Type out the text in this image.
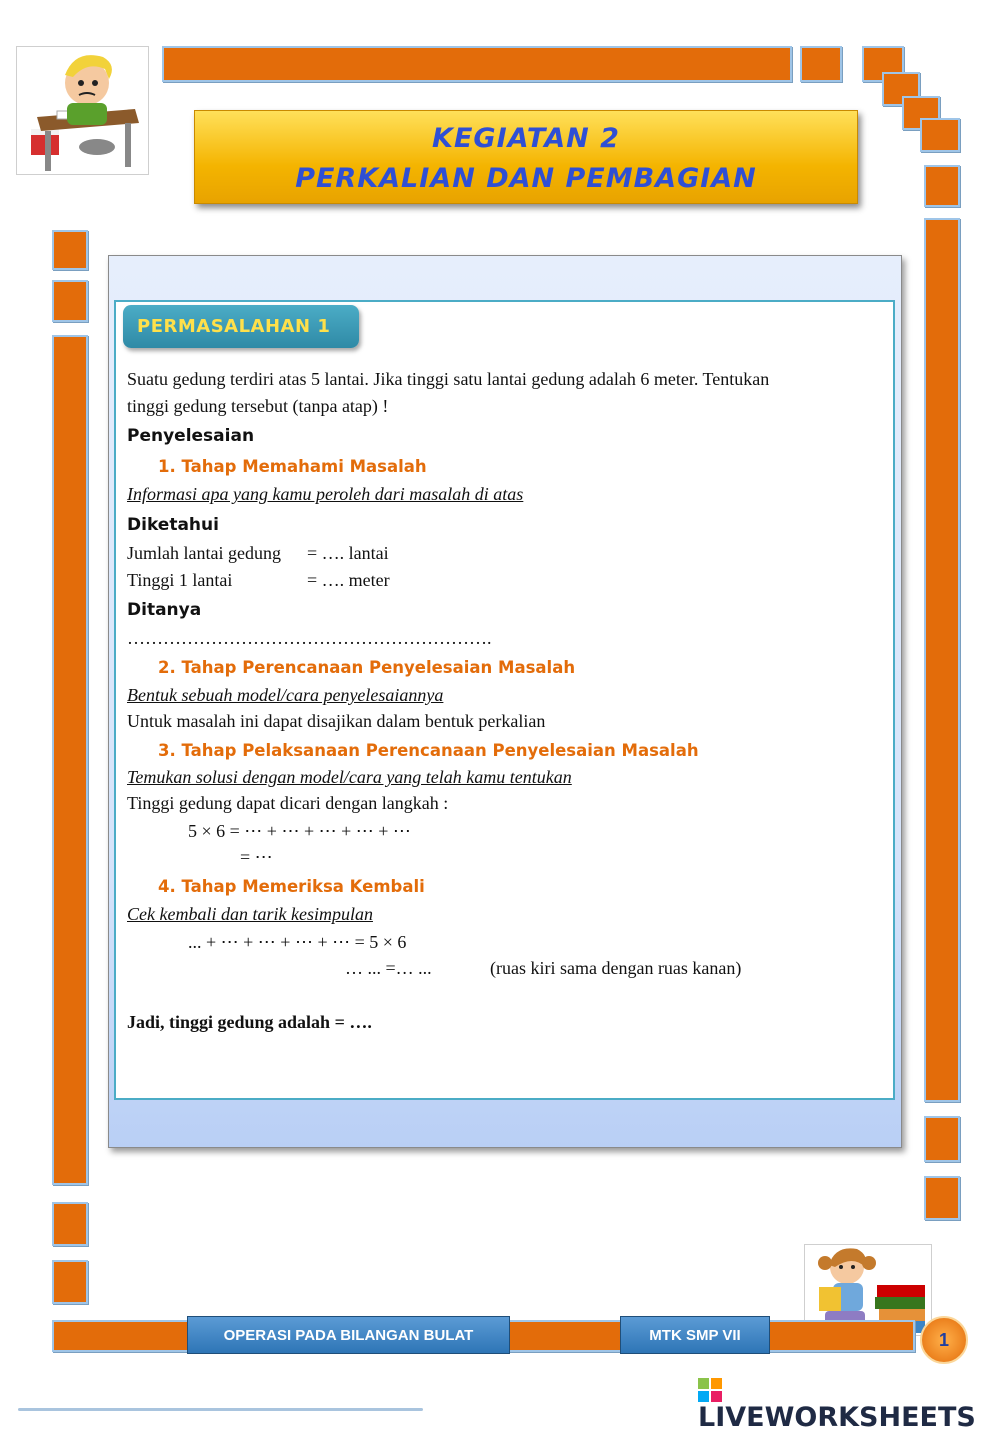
KEGIATAN 2
PERKALIAN DAN PEMBAGIAN
PERMASALAHAN 1
Suatu gedung terdiri atas 5 lantai. Jika tinggi satu lantai gedung adalah 6 meter. Tentukan
tinggi gedung tersebut (tanpa atap) !
Penyelesaian
1. Tahap Memahami Masalah
Informasi apa yang kamu peroleh dari masalah di atas
Diketahui
Jumlah lantai gedung = …. lantai
Tinggi 1 lantai	= …. meter
Ditanya
…………………………………………………….
2. Tahap Perencanaan Penyelesaian Masalah
Bentuk sebuah model/cara penyelesaiannya
Untuk masalah ini dapat disajikan dalam bentuk perkalian
3. Tahap Pelaksanaan Perencanaan Penyelesaian Masalah
Temukan solusi dengan model/cara yang telah kamu tentukan
Tinggi gedung dapat dicari dengan langkah :
5 × 6 = ⋯ + ⋯ + ⋯ + ⋯ + ⋯
= ⋯
4. Tahap Memeriksa Kembali
Cek kembali dan tarik kesimpulan
... + ⋯ + ⋯ + ⋯ + ⋯ = 5 × 6
… ... =… ...	(ruas kiri sama dengan ruas kanan)
Jadi, tinggi gedung adalah = ….
OPERASI PADA BILANGAN BULAT	MTK SMP VII	1
LIVEWORKSHEETS
